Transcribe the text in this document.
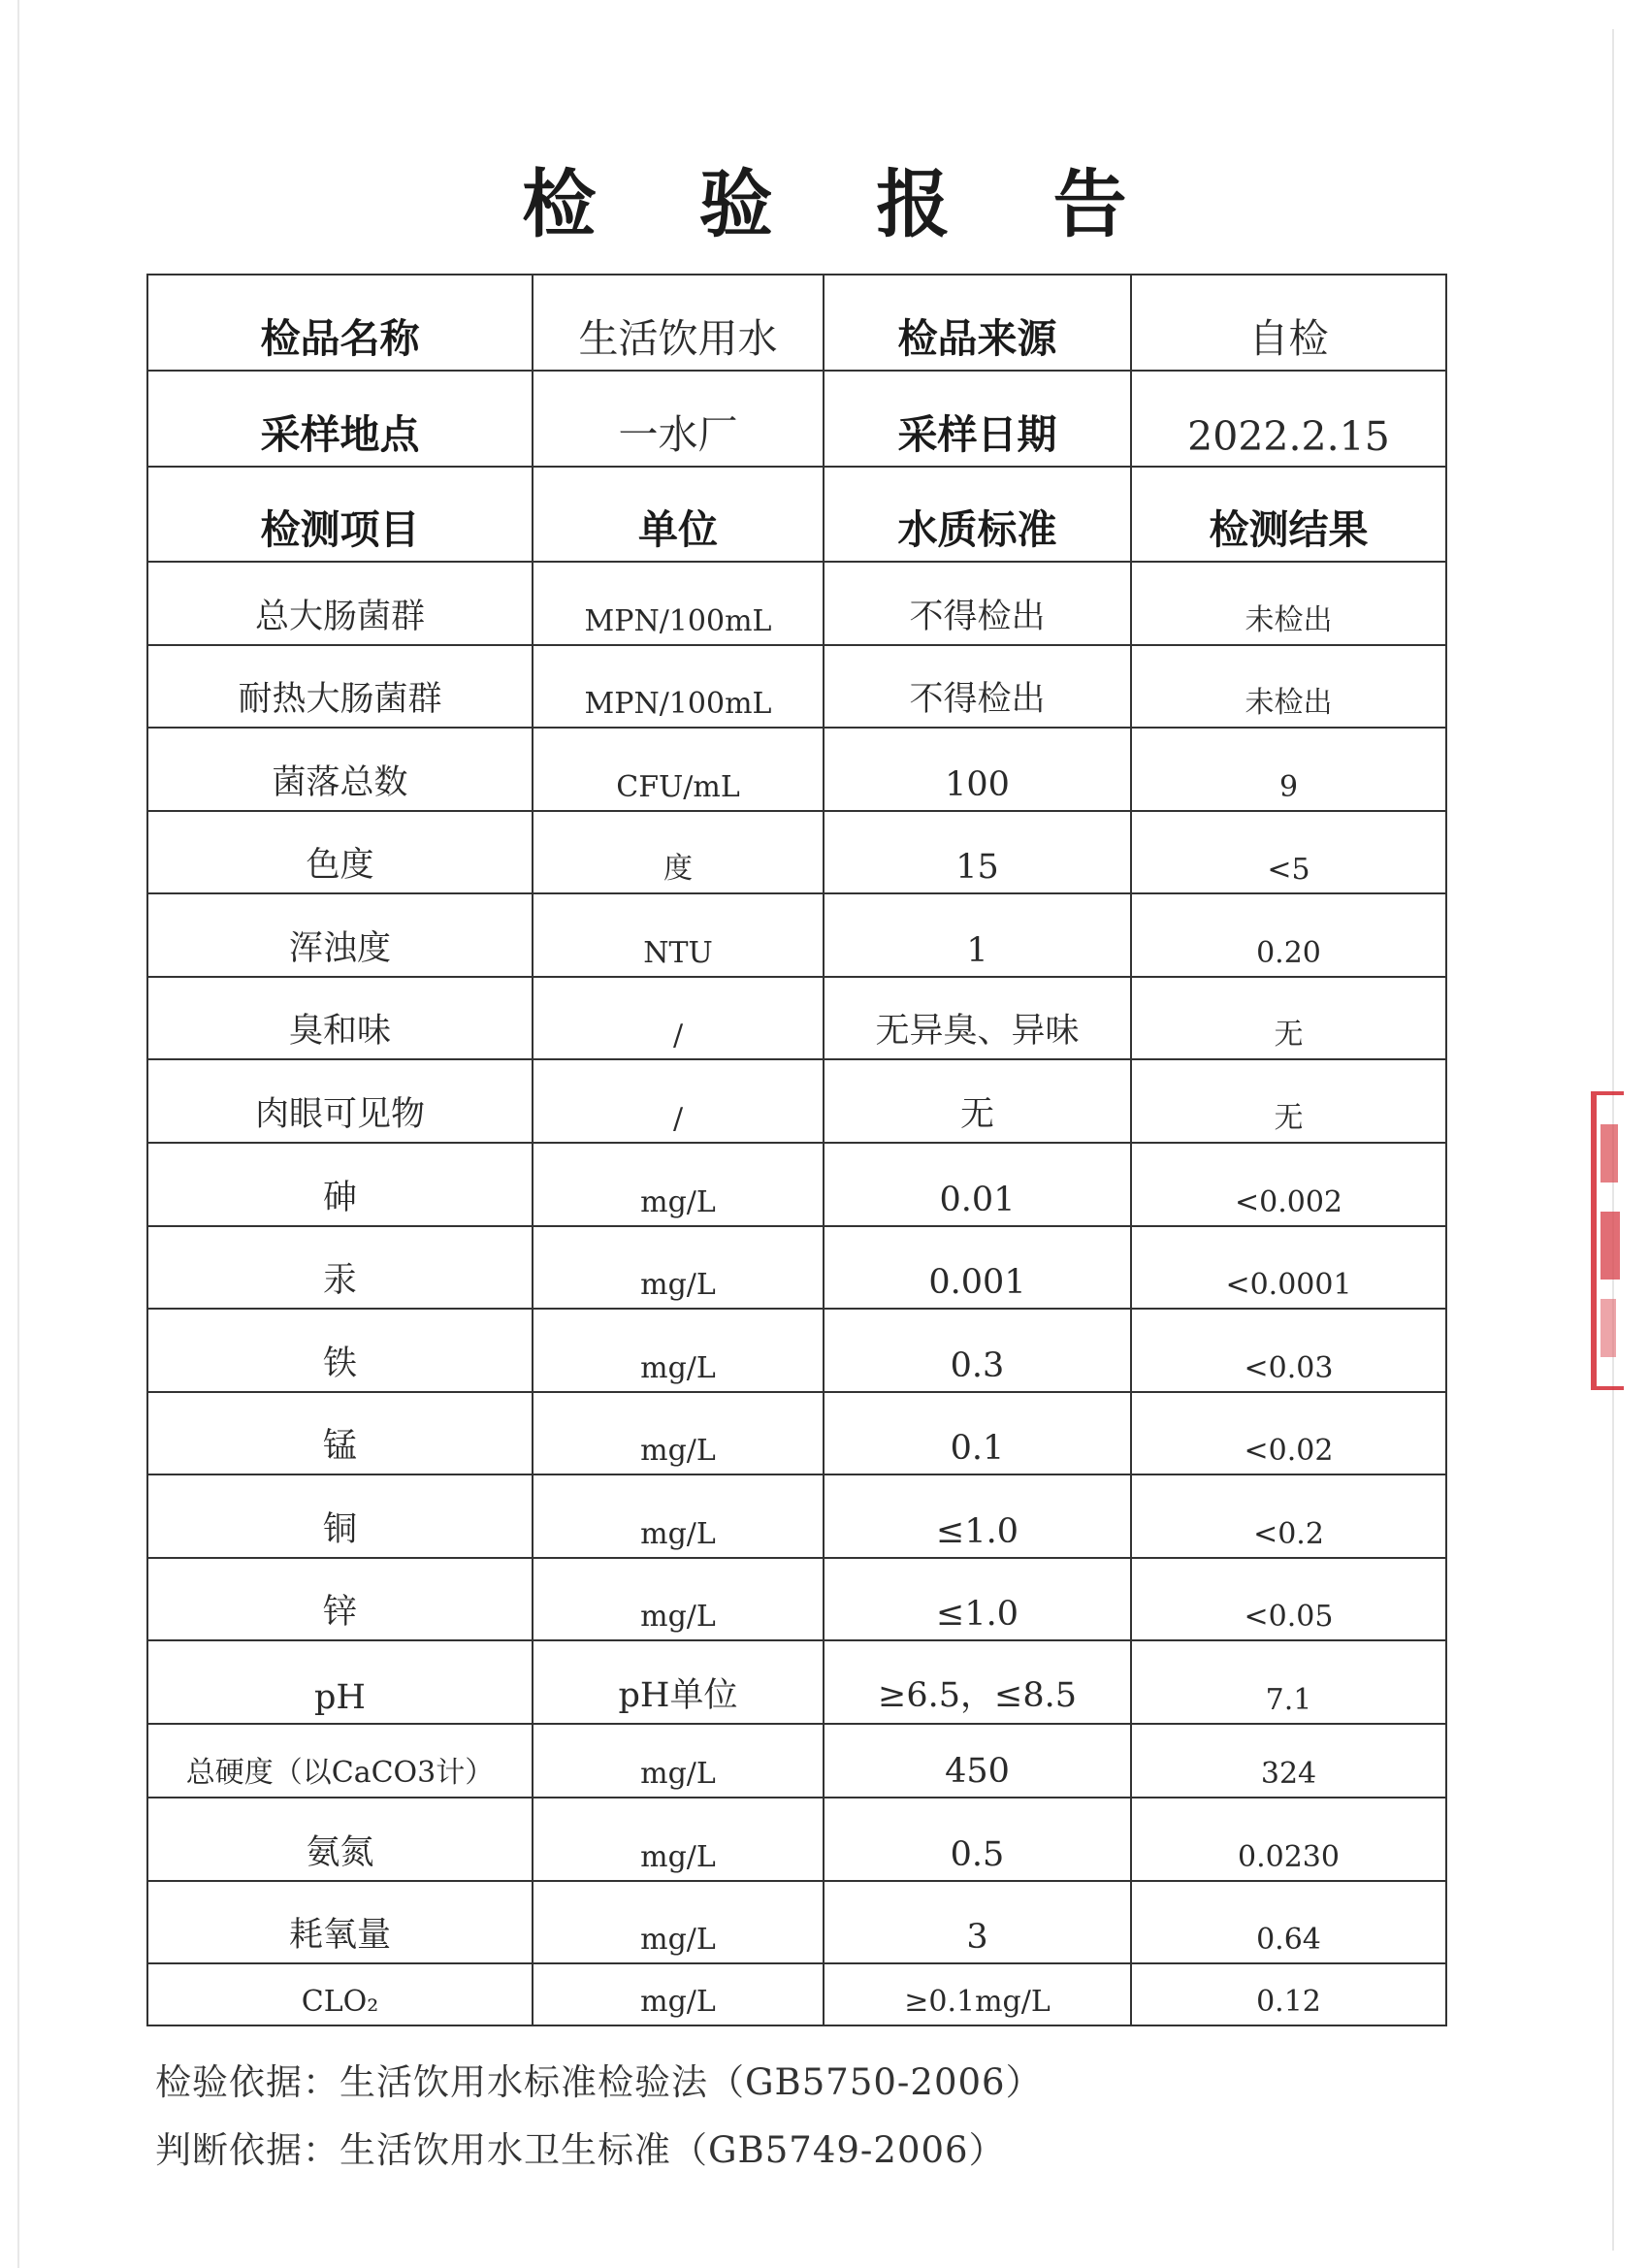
检 验 报 告
检品名称	生活饮用水	检品来源	自检
采样地点	一水厂	采样日期	2022.2.15
检测项目	单位	水质标准	检测结果
总大肠菌群	MPN/100mL	不得检出	未检出
耐热大肠菌群	MPN/100mL	不得检出	未检出
菌落总数	CFU/mL	100	9
色度	度	15	<5
浑浊度	NTU	1	0.20
臭和味	/	无异臭、异味	无
肉眼可见物	/	无	无
砷	mg/L	0.01	<0.002
汞	mg/L	0.001	<0.0001
铁	mg/L	0.3	<0.03
锰	mg/L	0.1	<0.02
铜	mg/L	≤1.0	<0.2
锌	mg/L	≤1.0	<0.05
pH	pH单位	≥6.5，≤8.5	7.1
总硬度（以CaCO3计）	mg/L	450	324
氨氮	mg/L	0.5	0.0230
耗氧量	mg/L	3	0.64
CLO₂	mg/L	≥0.1mg/L	0.12
检验依据：生活饮用水标准检验法（GB5750-2006）
判断依据：生活饮用水卫生标准（GB5749-2006）
